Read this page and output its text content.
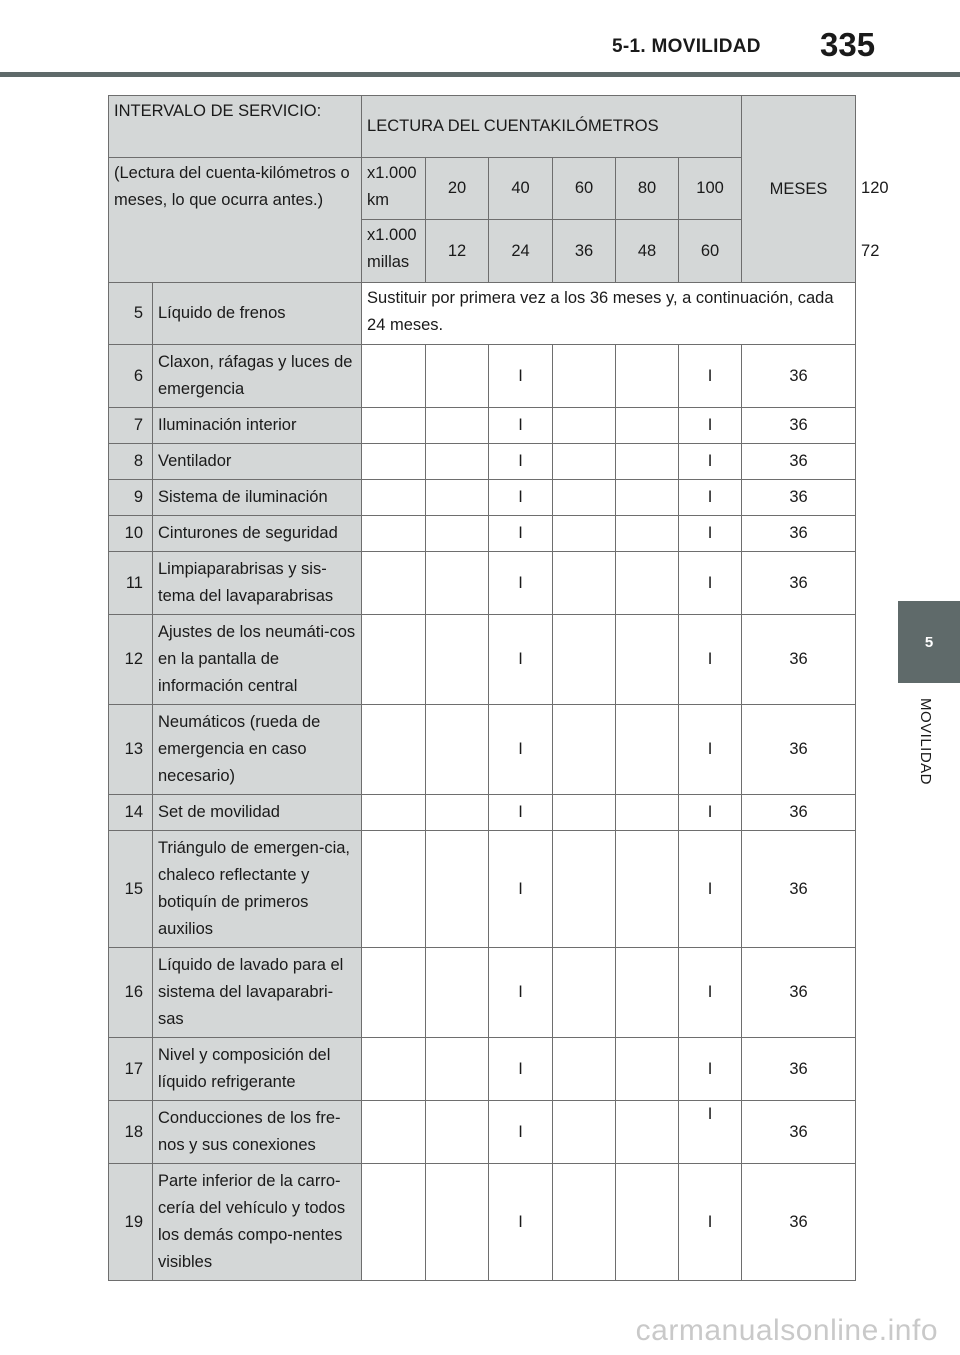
5-1. MOVILIDAD 335
5
MOVILIDAD
INTERVALO DE SERVICIO:		LECTURA DEL CUENTAKILÓMETROS						MESES	
(Lectura del cuenta-kilómetros o meses, lo que ocurra antes.)		x1.000 km	20	40	60	80	100		120
		x1.000 millas	12	24	36	48	60		72
5	Líquido de frenos	Sustituir por primera vez a los 36 meses y, a continuación, cada 24 meses.							
6	Claxon, ráfagas y luces de emergencia			I			I	36	
7	Iluminación interior			I			I	36	
8	Ventilador			I			I	36	
9	Sistema de iluminación			I			I	36	
10	Cinturones de seguridad			I			I	36	
11	Limpiaparabrisas y sis-tema del lavaparabrisas			I			I	36	
12	Ajustes de los neumáti-cos en la pantalla de información central			I			I	36	
13	Neumáticos (rueda de emergencia en caso necesario)			I			I	36	
14	Set de movilidad			I			I	36	
15	Triángulo de emergen-cia, chaleco reflectante y botiquín de primeros auxilios			I			I	36	
16	Líquido de lavado para el sistema del lavaparabri-sas			I			I	36	
17	Nivel y composición del líquido refrigerante			I			I	36	
18	Conducciones de los fre-nos y sus conexiones			I			I	36	
19	Parte inferior de la carro-cería del vehículo y todos los demás compo-nentes visibles			I			I	36	
carmanualsonline.info
